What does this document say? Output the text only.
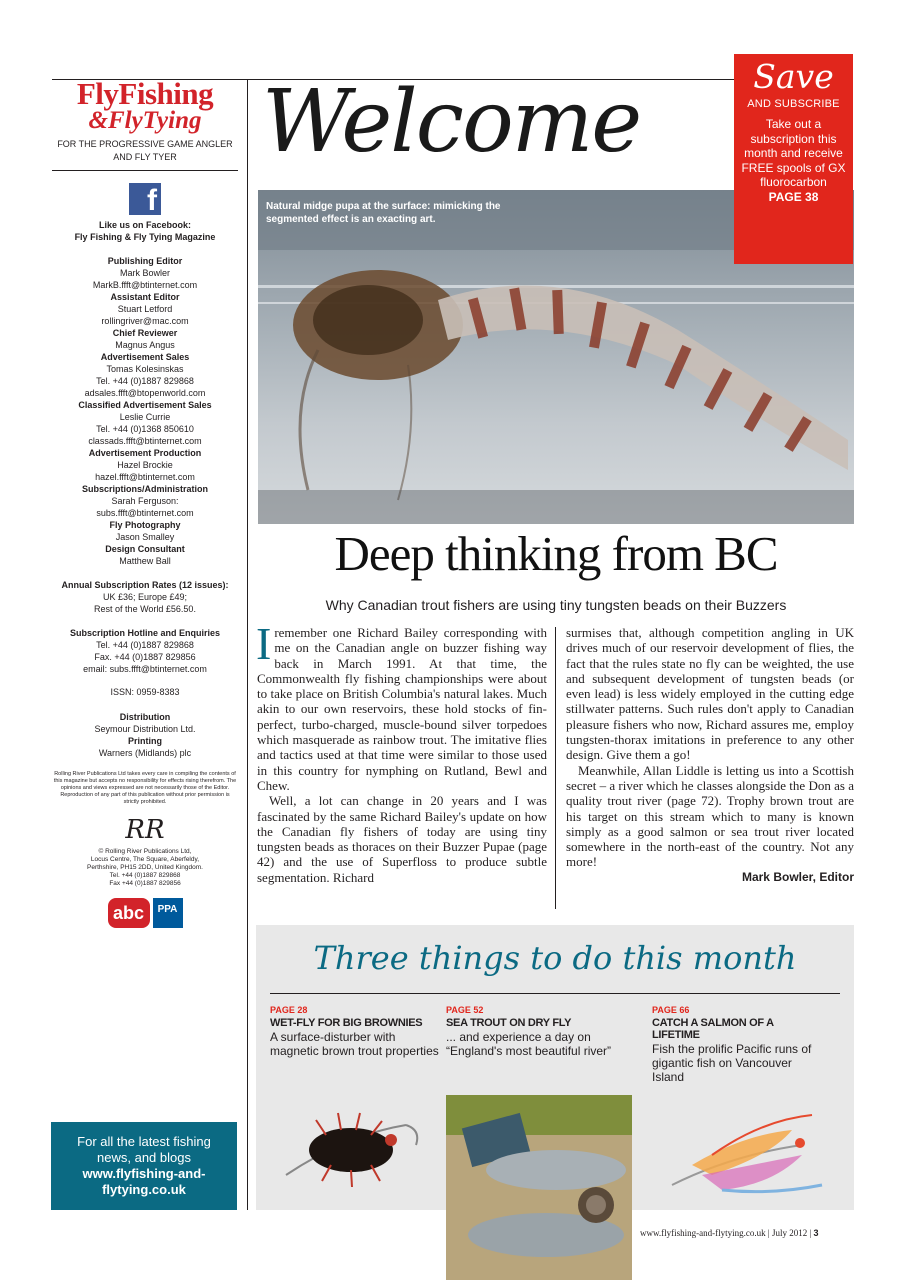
FlyFishing
&FlyTying
FOR THE PROGRESSIVE GAME ANGLER AND FLY TYER
f
Like us on Facebook:
Fly Fishing & Fly Tying Magazine
Publishing Editor
Mark Bowler
MarkB.ffft@btinternet.com
Assistant Editor
Stuart Letford
rollingriver@mac.com
Chief Reviewer
Magnus Angus
Advertisement Sales
Tomas Kolesinskas
Tel. +44 (0)1887 829868
adsales.ffft@btopenworld.com
Classified Advertisement Sales
Leslie Currie
Tel. +44 (0)1368 850610
classads.ffft@btinternet.com
Advertisement Production
Hazel Brockie
hazel.ffft@btinternet.com
Subscriptions/Administration
Sarah Ferguson:
subs.ffft@btinternet.com
Fly Photography
Jason Smalley
Design Consultant
Matthew Ball
Annual Subscription Rates (12 issues):
UK £36; Europe £49;
Rest of the World £56.50.
Subscription Hotline and Enquiries
Tel. +44 (0)1887 829868
Fax. +44 (0)1887 829856
email: subs.ffft@btinternet.com
ISSN: 0959-8383
Distribution
Seymour Distribution Ltd.
Printing
Warners (Midlands) plc
Rolling River Publications Ltd takes every care in compiling the contents of this magazine but accepts no responsibility for effects rising therefrom. The opinions and views expressed are not necessarily those of the Editor. Reproduction of any part of this publication without prior permission is strictly prohibited.
RR
© Rolling River Publications Ltd,
Locus Centre, The Square, Aberfeldy,
Perthshire, PH15 2DD, United Kingdom.
Tel. +44 (0)1887 829868
Fax +44 (0)1887 829856
abc	PPA
For all the latest fishing
news, and blogs
www.flyfishing-and-
flytying.co.uk
Welcome
Natural midge pupa at the surface: mimicking the segmented effect is an exacting art.
Save
AND SUBSCRIBE
Take out a subscription this month and receive FREE spools of GX fluorocarbon
PAGE 38
Deep thinking from BC
Why Canadian trout fishers are using tiny tungsten beads on their Buzzers

Iremember one Richard Bailey corresponding with me on the Canadian angle on buzzer fishing way back in March 1991. At that time, the Commonwealth fly fishing championships were about to take place on British Columbia's natural lakes. Much akin to our own reservoirs, these hold stocks of fin-perfect, turbo-charged, muscle-bound silver torpedoes which masquerade as rainbow trout. The imitative flies and tactics used at that time were similar to those used in this country for nymphing on Rutland, Bewl and Chew.

Well, a lot can change in 20 years and I was fascinated by the same Richard Bailey's update on how the Canadian fly fishers of today are using tiny tungsten beads as thoraces on their Buzzer Pupae (page 42) and the use of Superfloss to produce subtle segmentation. Richard

surmises that, although competition angling in UK drives much of our reservoir development of flies, the fact that the rules state no fly can be weighted, the use and subsequent development of tungsten beads (or even lead) is less widely employed in the cutting edge stillwater patterns. Such rules don't apply to Canadian pleasure fishers who now, Richard assures me, employ tungsten-thorax imitations in preference to any other design. Give them a go!

Meanwhile, Allan Liddle is letting us into a Scottish secret – a river which he classes alongside the Don as a quality trout river (page 72). Trophy brown trout are his target on this stream which to many is known simply as a good salmon or sea trout river located somewhere in the north-east of the country. Not any more!

Mark Bowler, Editor
Three things to do this month
PAGE 28
WET-FLY FOR BIG BROWNIES
A surface-disturber with magnetic brown trout properties
PAGE 52
SEA TROUT ON DRY FLY
... and experience a day on “England's most beautiful river”
PAGE 66
CATCH A SALMON OF A LIFETIME
Fish the prolific Pacific runs of gigantic fish on Vancouver Island
www.flyfishing-and-flytying.co.uk | July 2012 | 3
